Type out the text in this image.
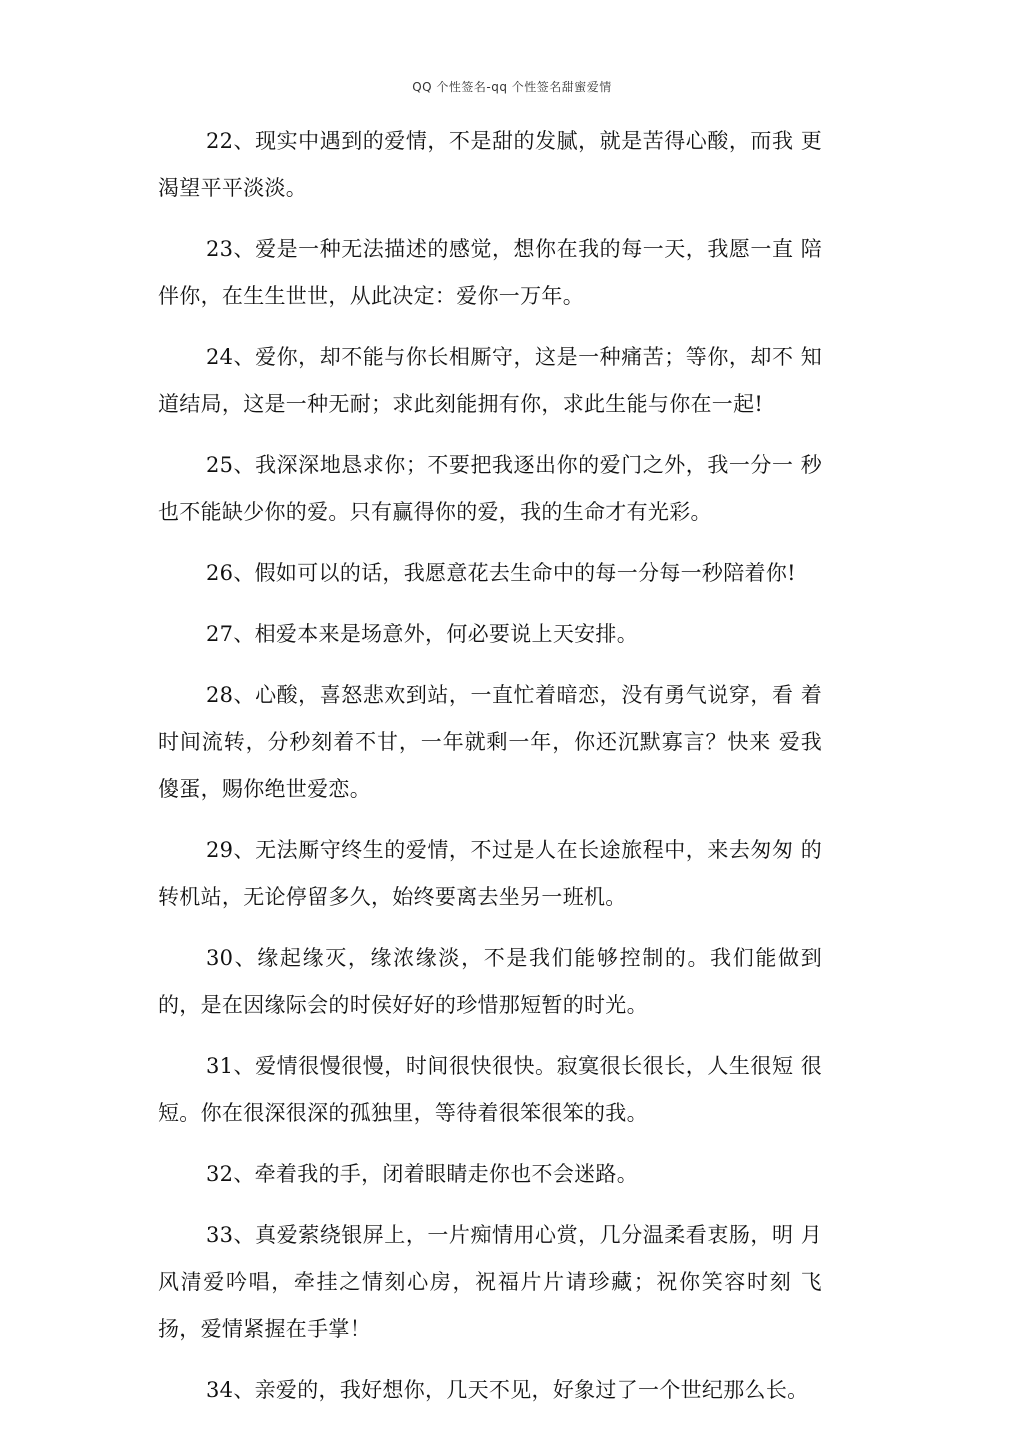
QQ 个性签名-qq 个性签名甜蜜爱情

22、现实中遇到的爱情，不是甜的发腻，就是苦得心酸，而我 更渴望平平淡淡。

23、爱是一种无法描述的感觉，想你在我的每一天，我愿一直 陪伴你，在生生世世，从此决定：爱你一万年。

24、爱你，却不能与你长相厮守，这是一种痛苦；等你，却不 知道结局，这是一种无耐；求此刻能拥有你，求此生能与你在一起!

25、我深深地恳求你；不要把我逐出你的爱门之外，我一分一 秒也不能缺少你的爱。只有赢得你的爱，我的生命才有光彩。

26、假如可以的话，我愿意花去生命中的每一分每一秒陪着你!

27、相爱本来是场意外，何必要说上天安排。

28、心酸，喜怒悲欢到站，一直忙着暗恋，没有勇气说穿，看 着时间流转，分秒刻着不甘，一年就剩一年，你还沉默寡言？快来 爱我傻蛋，赐你绝世爱恋。

29、无法厮守终生的爱情，不过是人在长途旅程中，来去匆匆 的转机站，无论停留多久，始终要离去坐另一班机。

30、缘起缘灭，缘浓缘淡，不是我们能够控制的。我们能做到的，是在因缘际会的时侯好好的珍惜那短暂的时光。

31、爱情很慢很慢，时间很快很快。寂寞很长很长，人生很短 很短。你在很深很深的孤独里，等待着很笨很笨的我。

32、牵着我的手，闭着眼睛走你也不会迷路。

33、真爱萦绕银屏上，一片痴情用心赏，几分温柔看衷肠，明 月风清爱吟唱，牵挂之情刻心房，祝福片片请珍藏；祝你笑容时刻 飞扬，爱情紧握在手掌！

34、亲爱的，我好想你，几天不见，好象过了一个世纪那么长。
